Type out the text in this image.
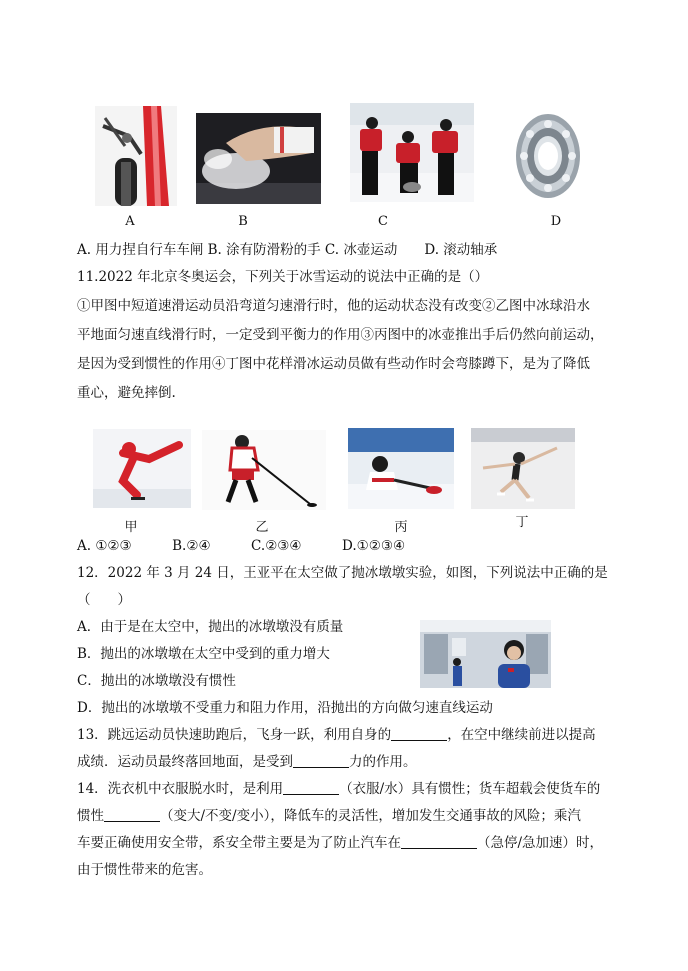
A	B	C	D
A. 用力捏自行车车闸 B. 涂有防滑粉的手 C. 冰壶运动　　D. 滚动轴承
11.2022 年北京冬奥运会，下列关于冰雪运动的说法中正确的是（）
①甲图中短道速滑运动员沿弯道匀速滑行时，他的运动状态没有改变②乙图中冰球沿水
平地面匀速直线滑行时，一定受到平衡力的作用③丙图中的冰壶推出手后仍然向前运动，
是因为受到惯性的作用④丁图中花样滑冰运动员做有些动作时会弯膝蹲下，是为了降低
重心，避免摔倒.
甲	乙	丙	丁
A. ①②③　　　B.②④　　　C.②③④　　　D.①②③④
12．2022 年 3 月 24 日，王亚平在太空做了抛冰墩墩实验，如图，下列说法中正确的是
（　　）
A．由于是在太空中，抛出的冰墩墩没有质量
B．抛出的冰墩墩在太空中受到的重力增大
C．抛出的冰墩墩没有惯性
D．抛出的冰墩墩不受重力和阻力作用，沿抛出的方向做匀速直线运动
13．跳远运动员快速助跑后，飞身一跃，利用自身的	，在空中继续前进以提高
成绩．运动员最终落回地面，是受到	力的作用。
14．洗衣机中衣服脱水时，是利用	（衣服/水）具有惯性；货车超载会使货车的
惯性	（变大/不变/变小），降低车的灵活性，增加发生交通事故的风险；乘汽
车要正确使用安全带，系安全带主要是为了防止汽车在	（急停/急加速）时，
由于惯性带来的危害。
